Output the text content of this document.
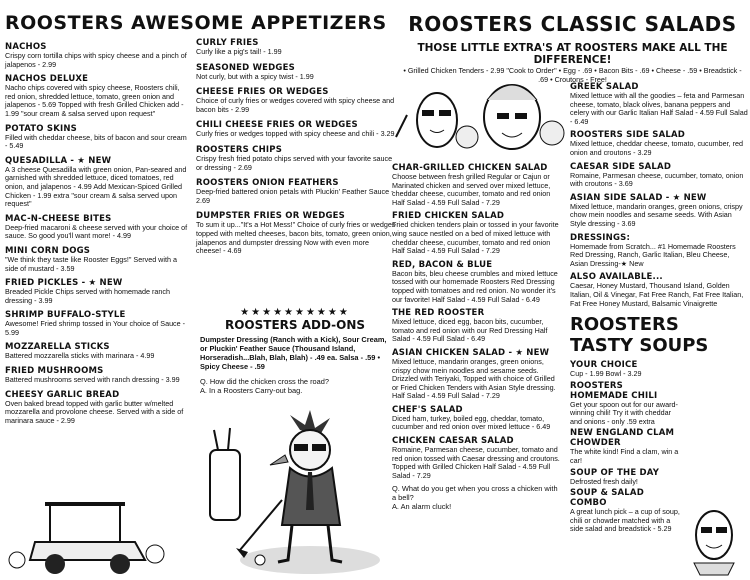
ROOSTERS AWESOME APPETIZERS
NACHOS
Crispy corn tortilla chips with spicy cheese and a pinch of jalapenos - 2.99
NACHOS DELUXE
Nacho chips covered with spicy cheese, Roosters chili, red onion, shredded lettuce, tomato, green onion and jalapenos - 5.69 Topped with fresh Grilled Chicken add - 1.99 "sour cream & salsa served upon request"
POTATO SKINS
Filled with cheddar cheese, bits of bacon and sour cream - 5.49
QUESADILLA - ★ NEW
A 3 cheese Quesadilla with green onion, Pan-seared and garnished with shredded lettuce, diced tomatoes, red onion, and jalapenos - 4.99 Add Mexican-Spiced Grilled Chicken - 1.99 extra "sour cream & salsa served upon request"
MAC-N-CHEESE BITES
Deep-fried macaroni & cheese served with your choice of sauce. So good you'll want more! - 4.99
MINI CORN DOGS
"We think they taste like Rooster Eggs!" Served with a side of mustard - 3.59
FRIED PICKLES - ★ NEW
Breaded Pickle Chips served with homemade ranch dressing - 3.99
SHRIMP BUFFALO-STYLE
Awesome! Fried shrimp tossed in Your choice of Sauce - 5.99
MOZZARELLA STICKS
Battered mozzarella sticks with marinara - 4.99
FRIED MUSHROOMS
Battered mushrooms served with ranch dressing - 3.99
CHEESY GARLIC BREAD
Oven baked bread topped with garlic butter w/melted mozzarella and provolone cheese. Served with a side of marinara sauce - 2.99
CURLY FRIES
Curly like a pig's tail! - 1.99
SEASONED WEDGES
Not curly, but with a spicy twist - 1.99
CHEESE FRIES OR WEDGES
Choice of curly fries or wedges covered with spicy cheese and bacon bits - 2.99
CHILI CHEESE FRIES OR WEDGES
Curly fries or wedges topped with spicy cheese and chili - 3.29
ROOSTERS CHIPS
Crispy fresh fried potato chips served with your favorite sauce or dressing - 2.69
ROOSTERS ONION FEATHERS
Deep-fried battered onion petals with Pluckin' Feather Sauce - 2.69
DUMPSTER FRIES OR WEDGES
To sum it up..."It's a Hot Mess!" Choice of curly fries or wedges topped with melted cheeses, bacon bits, tomato, green onion, jalapenos and dumpster dressing Now with even more cheese! - 4.69
★★★★★★★★★★
ROOSTERS ADD-ONS
Dumpster Dressing (Ranch with a Kick), Sour Cream, or Pluckin' Feather Sauce (Thousand Island, Horseradish...Blah, Blah, Blah) - .49 ea. Salsa - .59 • Spicy Cheese - .59
Q. How did the chicken cross the road?
A. In a Roosters Carry-out bag.
ROOSTERS CLASSIC SALADS
THOSE LITTLE EXTRA'S AT ROOSTERS MAKE ALL THE DIFFERENCE!
• Grilled Chicken Tenders - 2.99 "Cook to Order" • Egg - .69 • Bacon Bits - .69 • Cheese - .59 • Breadstick - .69 • Croutons - Free!
CHAR-GRILLED CHICKEN SALAD
Choose between fresh grilled Regular or Cajun or Marinated chicken and served over mixed lettuce, cheddar cheese, cucumber, tomato and red onion Half Salad - 4.59 Full Salad - 7.29
FRIED CHICKEN SALAD
Fried chicken tenders plain or tossed in your favorite wing sauce nestled on a bed of mixed lettuce with cheddar cheese, cucumber, tomato and red onion Half Salad - 4.59 Full Salad - 7.29
RED, BACON & BLUE
Bacon bits, bleu cheese crumbles and mixed lettuce tossed with our homemade Roosters Red Dressing topped with tomatoes and red onion. No wonder it's our favorite! Half Salad - 4.59 Full Salad - 6.49
THE RED ROOSTER
Mixed lettuce, diced egg, bacon bits, cucumber, tomato and red onion with our Red Dressing Half Salad - 4.59 Full Salad - 6.49
ASIAN CHICKEN SALAD - ★ NEW
Mixed lettuce, mandarin oranges, green onions, crispy chow mein noodles and sesame seeds. Drizzled with Teriyaki, Topped with choice of Grilled or Fried Chicken Tenders with Asian Style dressing. Half Salad - 4.59 Full Salad - 7.29
CHEF'S SALAD
Diced ham, turkey, boiled egg, cheddar, tomato, cucumber and red onion over mixed lettuce - 6.49
CHICKEN CAESAR SALAD
Romaine, Parmesan cheese, cucumber, tomato and red onion tossed with Caesar dressing and croutons. Topped with Grilled Chicken Half Salad - 4.59 Full Salad - 7.29
Q. What do you get when you cross a chicken with a bell?
A. An alarm cluck!
GREEK SALAD
Mixed lettuce with all the goodies – feta and Parmesan cheese, tomato, black olives, banana peppers and celery with our Garlic Italian Half Salad - 4.59 Full Salad - 6.49
ROOSTERS SIDE SALAD
Mixed lettuce, cheddar cheese, tomato, cucumber, red onion and croutons - 3.29
CAESAR SIDE SALAD
Romaine, Parmesan cheese, cucumber, tomato, onion with croutons - 3.69
ASIAN SIDE SALAD - ★ NEW
Mixed lettuce, mandarin oranges, green onions, crispy chow mein noodles and sesame seeds. With Asian Style dressing - 3.69
DRESSINGS:
Homemade from Scratch... #1 Homemade Roosters Red Dressing, Ranch, Garlic Italian, Bleu Cheese, Asian Dressing-★ New
ALSO AVAILABLE...
Caesar, Honey Mustard, Thousand Island, Golden Italian, Oil & Vinegar, Fat Free Ranch, Fat Free Italian, Fat Free Honey Mustard, Balsamic Vinaigrette
ROOSTERS
TASTY SOUPS
YOUR CHOICE
Cup - 1.99 Bowl - 3.29
ROOSTERS HOMEMADE CHILI
Get your spoon out for our award-winning chili! Try it with cheddar and onions - only .59 extra
NEW ENGLAND CLAM CHOWDER
The white kind! Find a clam, win a car!
SOUP OF THE DAY
Defrosted fresh daily!
SOUP & SALAD COMBO
A great lunch pick – a cup of soup, chili or chowder matched with a side salad and breadstick - 5.29
